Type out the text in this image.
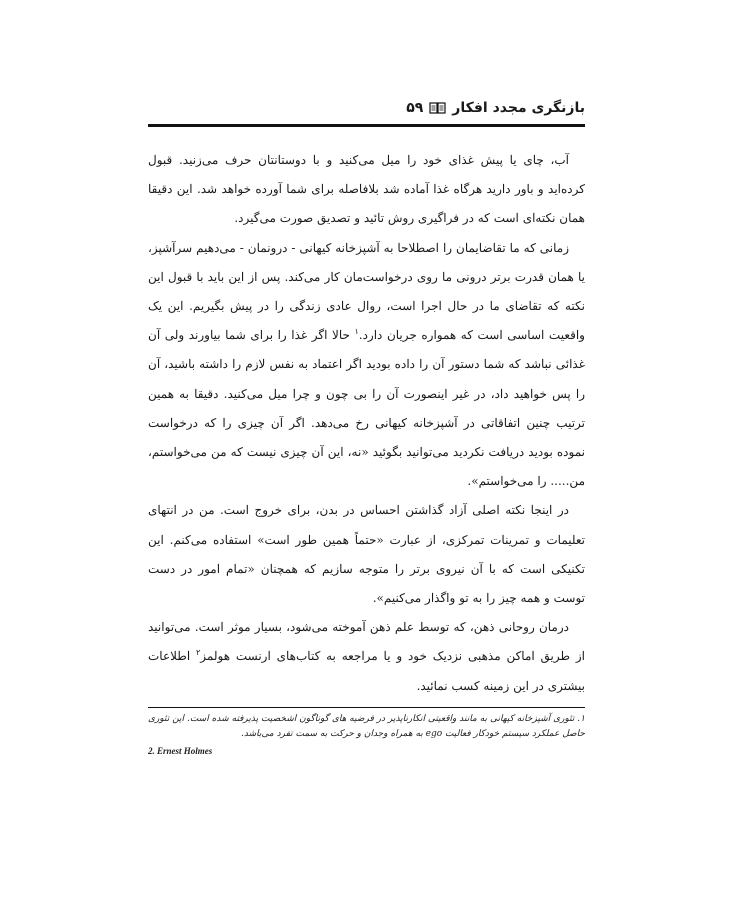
بازنگری مجدد افکار
۵۹

آب، چای یا پیش غذای خود را میل می‌کنید و با دوستانتان حرف می‌زنید. قبول کرده‌اید و باور دارید هرگاه غذا آماده شد بلافاصله برای شما آورده خواهد شد. این دقیقا همان نکته‌ای است که در فراگیری روش تائید و تصدیق صورت می‌گیرد.

زمانی که ما تقاضایمان را اصطلاحا به آشپزخانه کیهانی - درونمان - می‌دهیم سرآشپز، یا همان قدرت برتر درونی ما روی درخواست‌مان کار می‌کند. پس از این باید با قبول این نکته که تقاضای ما در حال اجرا است، روال عادی زندگی را در پیش بگیریم. این یک واقعیت اساسی است که همواره جریان دارد.$^۱$ حالا اگر غذا را برای شما بیاورند ولی آن غذائی نباشد که شما دستور آن را داده بودید اگر اعتماد به نفس لازم را داشته باشید، آن را پس خواهید داد، در غیر اینصورت آن را بی چون و چرا میل می‌کنید. دقیقا به همین ترتیب چنین اتفاقاتی در آشپزخانه کیهانی رخ می‌دهد. اگر آن چیزی را که درخواست نموده بودید دریافت نکردید می‌توانید بگوئید «نه، این آن چیزی نیست که من می‌خواستم، من..... را می‌خواستم».

در اینجا نکته اصلی آزاد گذاشتن احساس در بدن، برای خروج است. من در انتهای تعلیمات و تمرینات تمرکزی، از عبارت «حتماً همین طور است» استفاده می‌کنم. این تکنیکی است که با آن نیروی برتر را متوجه سازیم که همچنان «تمام امور در دست توست و همه چیز را به تو واگذار می‌کنیم».

درمان روحانی ذهن، که توسط علم ذهن آموخته می‌شود، بسیار موثر است. می‌توانید از طریق اماکن مذهبی نزدیک خود و یا مراجعه به کتاب‌های ارنست هولمز$^۲$ اطلاعات بیشتری در این زمینه کسب نمائید.

۱. تئوری آشپزخانه کیهانی به مانند واقعیتی انکارناپذیر در فرضیه های گوناگون اشخصیت پذیرفته شده است. این تئوری حاصل عملکرد سیستم خودکار فعالیت ego به همراه وجدان و حرکت به سمت تفرد می‌باشد.
2. Ernest Holmes
